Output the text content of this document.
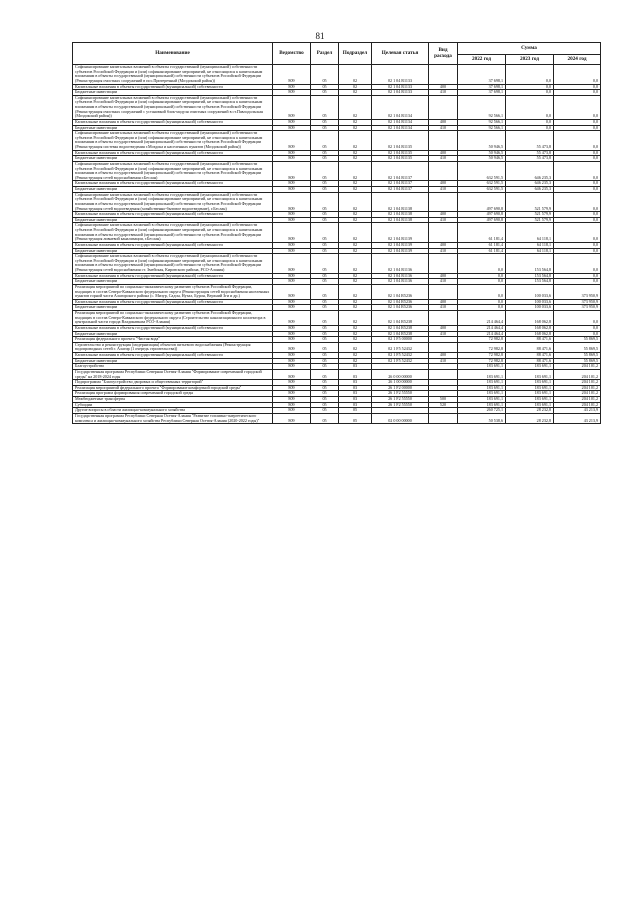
81
Наименование	Ведомство	Раздел	Подраздел	Целевая статья	Вид расхода	Сумма		
						2022 год	2023 год	2024 год
Софинансирование капитальных вложений в объекты государственной (муниципальной) собственности субъектов Российской Федерации и (или) софинансирование мероприятий, не относящихся к капитальным вложениям в объекты государственной (муниципальной) собственности субъектов Российской Федерации (Реконструкция очистных сооружений в пос.Притеречный (Моздокский район))	809	05	02	02 1 04 R1133		37 698,1	0,0	0,0
Капитальные вложения в объекты государственной (муниципальной) собственности	809	05	02	02 1 04 R1133	400	37 698,1	0,0	0,0
Бюджетные инвестиции	809	05	02	02 1 04 R1133	410	37 698,1	0,0	0,0
Софинансирование капитальных вложений в объекты государственной (муниципальной) собственности субъектов Российской Федерации и (или) софинансирование мероприятий, не относящихся к капитальным вложениям в объекты государственной (муниципальной) собственности субъектов Российской Федерации (Реконструкция очистных сооружений с установкой блок-модуля очистных сооружений в ст.Павлодольская (Моздокский район))	809	05	02	02 1 04 R1134		92 566,1	0,0	0,0
Капитальные вложения в объекты государственной (муниципальной) собственности	809	05	02	02 1 04 R1134	400	92 566,1	0,0	0,0
Бюджетные инвестиции	809	05	02	02 1 04 R1134	410	92 566,1	0,0	0,0
Софинансирование капитальных вложений в объекты государственной (муниципальной) собственности субъектов Российской Федерации и (или) софинансирование мероприятий, не относящихся к капитальным вложениям в объекты государственной (муниципальной) собственности субъектов Российской Федерации (Реконструкция системы водоотведения г.Моздока и населенных пунктов (Моздокский район))	809	05	02	02 1 04 R1135		50 946,5	55 473,8	0,0
Капитальные вложения в объекты государственной (муниципальной) собственности	809	05	02	02 1 04 R1135	400	50 946,5	55 473,8	0,0
Бюджетные инвестиции	809	05	02	02 1 04 R1135	410	50 946,5	55 473,8	0,0
Софинансирование капитальных вложений в объекты государственной (муниципальной) собственности субъектов Российской Федерации и (или) софинансирование мероприятий, не относящихся к капитальным вложениям в объекты государственной (муниципальной) собственности субъектов Российской Федерации (Реконструкция сетей водоснабжения г.Беслан)	809	05	02	02 1 04 R1137		632 591,5	646 235,3	0,0
Капитальные вложения в объекты государственной (муниципальной) собственности	809	05	02	02 1 04 R1137	400	632 591,5	646 235,3	0,0
Бюджетные инвестиции	809	05	02	02 1 04 R1137	410	632 591,5	646 235,3	0,0
Софинансирование капитальных вложений в объекты государственной (муниципальной) собственности субъектов Российской Федерации и (или) софинансирование мероприятий, не относящихся к капитальным вложениям в объекты государственной (муниципальной) собственности субъектов Российской Федерации (Реконструкция сетей водоотведения (хозяйственно-бытовое водоотведение), г.Беслан)	809	05	02	02 1 04 R1138		497 690,8	521 579,9	0,0
Капитальные вложения в объекты государственной (муниципальной) собственности	809	05	02	02 1 04 R1138	400	497 690,8	521 579,9	0,0
Бюджетные инвестиции	809	05	02	02 1 04 R1138	410	497 690,8	521 579,9	0,0
Софинансирование капитальных вложений в объекты государственной (муниципальной) собственности субъектов Российской Федерации и (или) софинансирование мероприятий, не относящихся к капитальным вложениям в объекты государственной (муниципальной) собственности субъектов Российской Федерации (Реконструкция ливневой канализации, г.Беслан)	809	05	02	02 1 04 R1139		61 181,4	64 118,1	0,0
Капитальные вложения в объекты государственной (муниципальной) собственности	809	05	02	02 1 04 R1139	400	61 181,4	64 118,1	0,0
Бюджетные инвестиции	809	05	02	02 1 04 R1139	410	61 181,4	64 118,1	0,0
Софинансирование капитальных вложений в объекты государственной (муниципальной) собственности субъектов Российской Федерации и (или) софинансирование мероприятий, не относящихся к капитальным вложениям в объекты государственной (муниципальной) собственности субъектов Российской Федерации (Реконструкция сетей водоснабжения ст. Змейская, Кировского района, РСО-Алания)	809	05	02	02 1 04 R1136		0,0	153 564,8	0,0
Капитальные вложения в объекты государственной (муниципальной) собственности	809	05	02	02 1 04 R1136	400	0,0	153 564,8	0,0
Бюджетные инвестиции	809	05	02	02 1 04 R1136	410	0,0	153 564,8	0,0
Реализация мероприятий по социально-экономическому развитию субъектов Российской Федерации, входящих в состав Северо-Кавказского федерального округа (Реконструкция сетей водоснабжения населенных пунктов горной части Алагирского района (с. Мизур, Садон, Нузал, Бурон, Верхний Зги и др.)	809	05	02	02 1 04 R5236		0,0	100 033,6	373 950,9
Капитальные вложения в объекты государственной (муниципальной) собственности	809	05	02	02 1 04 R5236	400	0,0	100 033,6	373 950,9
Бюджетные инвестиции	809	05	02	02 1 04 R5236	410	0,0	100 033,6	373 950,9
Реализация мероприятий по социально-экономическому развитию субъектов Российской Федерации, входящих в состав Северо-Кавказского федерального округа (Строительство канализационного коллектора в центральной части города Владикавказа РСО-Алания)	809	05	02	02 1 04 R5238		214 464,4	168 062,8	0,0
Капитальные вложения в объекты государственной (муниципальной) собственности	809	05	02	02 1 04 R5238	400	214 464,4	168 062,8	0,0
Бюджетные инвестиции	809	05	02	02 1 04 R5238	410	214 464,4	168 062,8	0,0
Реализация федерального проекта "Чистая вода"	809	05	02	02 1 F5 00000		72 982,8	88 471,6	55 869,5
Строительство и реконструкция (модернизация) объектов питьевого водоснабжения (Реконструкция водопроводных сетей г. Алагир (1 очередь строительства))	809	05	02	02 1 F5 52432		72 982,8	88 471,6	55 869,5
Капитальные вложения в объекты государственной (муниципальной) собственности	809	05	02	02 1 F5 52432	400	72 982,8	88 471,6	55 869,5
Бюджетные инвестиции	809	05	02	02 1 F5 52432	410	72 982,8	88 471,6	55 869,5
Благоустройство	809	05	03			183 691,1	183 691,1	204 101,2
Государственная программа Республики Северная Осетия-Алания "Формирование современной городской среды" на 2018-2024 годы	809	05	03	26 0 00 00000		183 691,1	183 691,1	204 101,2
Подпрограмма "Благоустройство дворовых и общественных территорий"	809	05	03	26 1 00 00000		183 691,1	183 691,1	204 101,2
Реализация мероприятий федерального проекта "Формирование комфортной городской среды"	809	05	03	26 1 F2 00000		183 691,1	183 691,1	204 101,2
Реализация программ формирования современной городской среды	809	05	03	26 1 F2 55550		183 691,1	183 691,1	204 101,2
Межбюджетные трансферты	809	05	03	26 1 F2 55550	500	183 691,1	183 691,1	204 101,2
Субсидии	809	05	03	26 1 F2 55550	520	183 691,1	183 691,1	204 101,2
Другие вопросы в области жилищно-коммунального хозяйства	809	05	05			260 725,1	28 232,8	43 213,9
Государственная программа Республики Северная Осетия-Алания "Развитие топливно-энергетического комплекса и жилищно-коммунального хозяйства Республики Северная Осетия-Алания (2020-2022 годы)"	809	05	05	02 0 00 00000		50 538,6	28 232,8	43 213,9
